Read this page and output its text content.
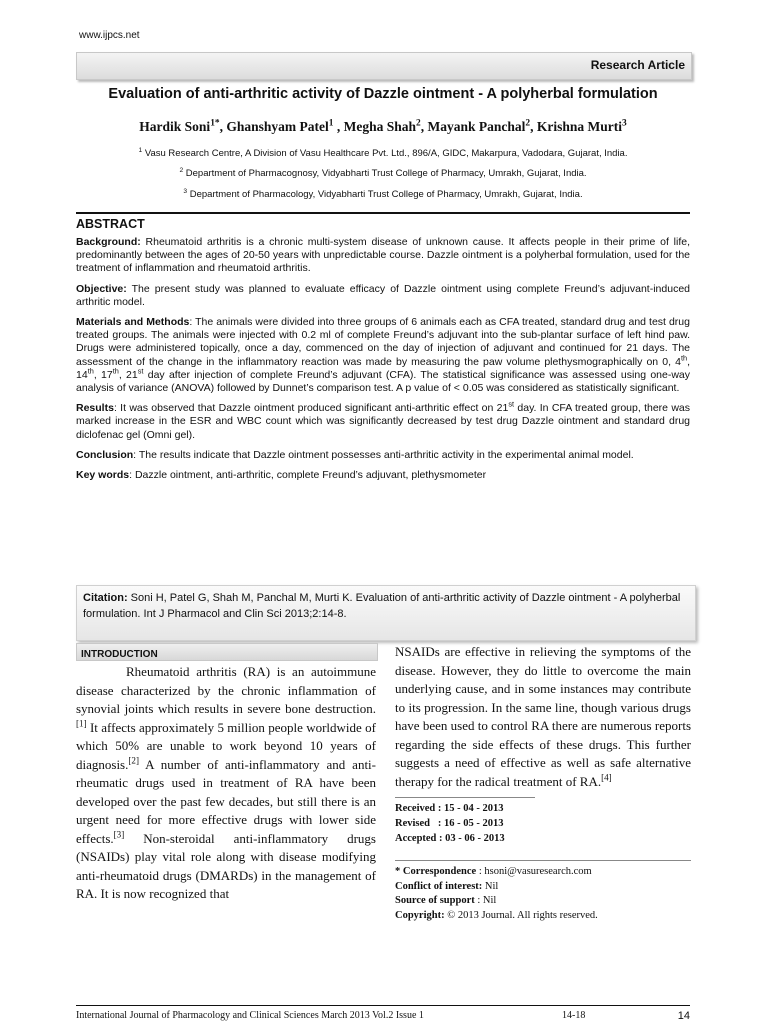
www.ijpcs.net
Research Article
Evaluation of anti-arthritic activity of Dazzle ointment - A polyherbal formulation
Hardik Soni$^{1*}$, Ghanshyam Patel$^1$ , Megha Shah$^2$, Mayank Panchal$^2$, Krishna Murti$^3$
$^1$ Vasu Research Centre, A Division of Vasu Healthcare Pvt. Ltd., 896/A, GIDC, Makarpura, Vadodara, Gujarat, India.
$^2$ Department of Pharmacognosy, Vidyabharti Trust College of Pharmacy, Umrakh, Gujarat, India.
$^3$ Department of Pharmacology, Vidyabharti Trust College of Pharmacy, Umrakh, Gujarat, India.
ABSTRACT

Background: Rheumatoid arthritis is a chronic multi-system disease of unknown cause. It affects people in their prime of life, predominantly between the ages of 20-50 years with unpredictable course. Dazzle ointment is a polyherbal formulation, used for the treatment of inflammation and rheumatoid arthritis.

Objective: The present study was planned to evaluate efficacy of Dazzle ointment using complete Freund’s adjuvant-induced arthritic model.

Materials and Methods: The animals were divided into three groups of 6 animals each as CFA treated, standard drug and test drug treated groups. The animals were injected with 0.2 ml of complete Freund’s adjuvant into the sub-plantar surface of left hind paw. Drugs were administered topically, once a day, commenced on the day of injection of adjuvant and continued for 21 days. The assessment of the change in the inflammatory reaction was made by measuring the paw volume plethysmographically on 0, 4th, 14th, 17th, 21st day after injection of complete Freund’s adjuvant (CFA). The statistical significance was assessed using one-way analysis of variance (ANOVA) followed by Dunnet’s comparison test. A p value of < 0.05 was considered as statistically significant.

Results: It was observed that Dazzle ointment produced significant anti-arthritic effect on 21st day. In CFA treated group, there was marked increase in the ESR and WBC count which was significantly decreased by test drug Dazzle ointment and standard drug diclofenac gel (Omni gel).

Conclusion: The results indicate that Dazzle ointment possesses anti-arthritic activity in the experimental animal model.

Key words: Dazzle ointment, anti-arthritic, complete Freund’s adjuvant, plethysmometer

Citation: Soni H, Patel G, Shah M, Panchal M, Murti K. Evaluation of anti-arthritic activity of Dazzle ointment - A polyherbal formulation. Int J Pharmacol and Clin Sci 2013;2:14-8.
INTRODUCTION

Rheumatoid arthritis (RA) is an autoimmune disease characterized by the chronic inflammation of synovial joints which results in severe bone destruction.[1] It affects approximately 5 million people worldwide of which 50% are unable to work beyond 10 years of diagnosis.[2] A number of anti-inflammatory and anti-rheumatic drugs used in treatment of RA have been developed over the past few decades, but still there is an urgent need for more effective drugs with lower side effects.[3] Non-steroidal anti-inflammatory drugs (NSAIDs) play vital role along with disease modifying anti-rheumatoid drugs (DMARDs) in the management of RA. It is now recognized that

NSAIDs are effective in relieving the symptoms of the disease. However, they do little to overcome the main underlying cause, and in some instances may contribute to its progression. In the same line, though various drugs have been used to control RA there are numerous reports regarding the side effects of these drugs. This further suggests a need of effective as well as safe alternative therapy for the radical treatment of RA.[4]

Received : 15 - 04 - 2013
Revised   : 16 - 05 - 2013
Accepted : 03 - 06 - 2013
* Correspondence : hsoni@vasuresearch.com
Conflict of interest: Nil
Source of support : Nil
Copyright: © 2013 Journal. All rights reserved.
International Journal of Pharmacology and Clinical Sciences March 2013 Vol.2 Issue 1	14-18	14
